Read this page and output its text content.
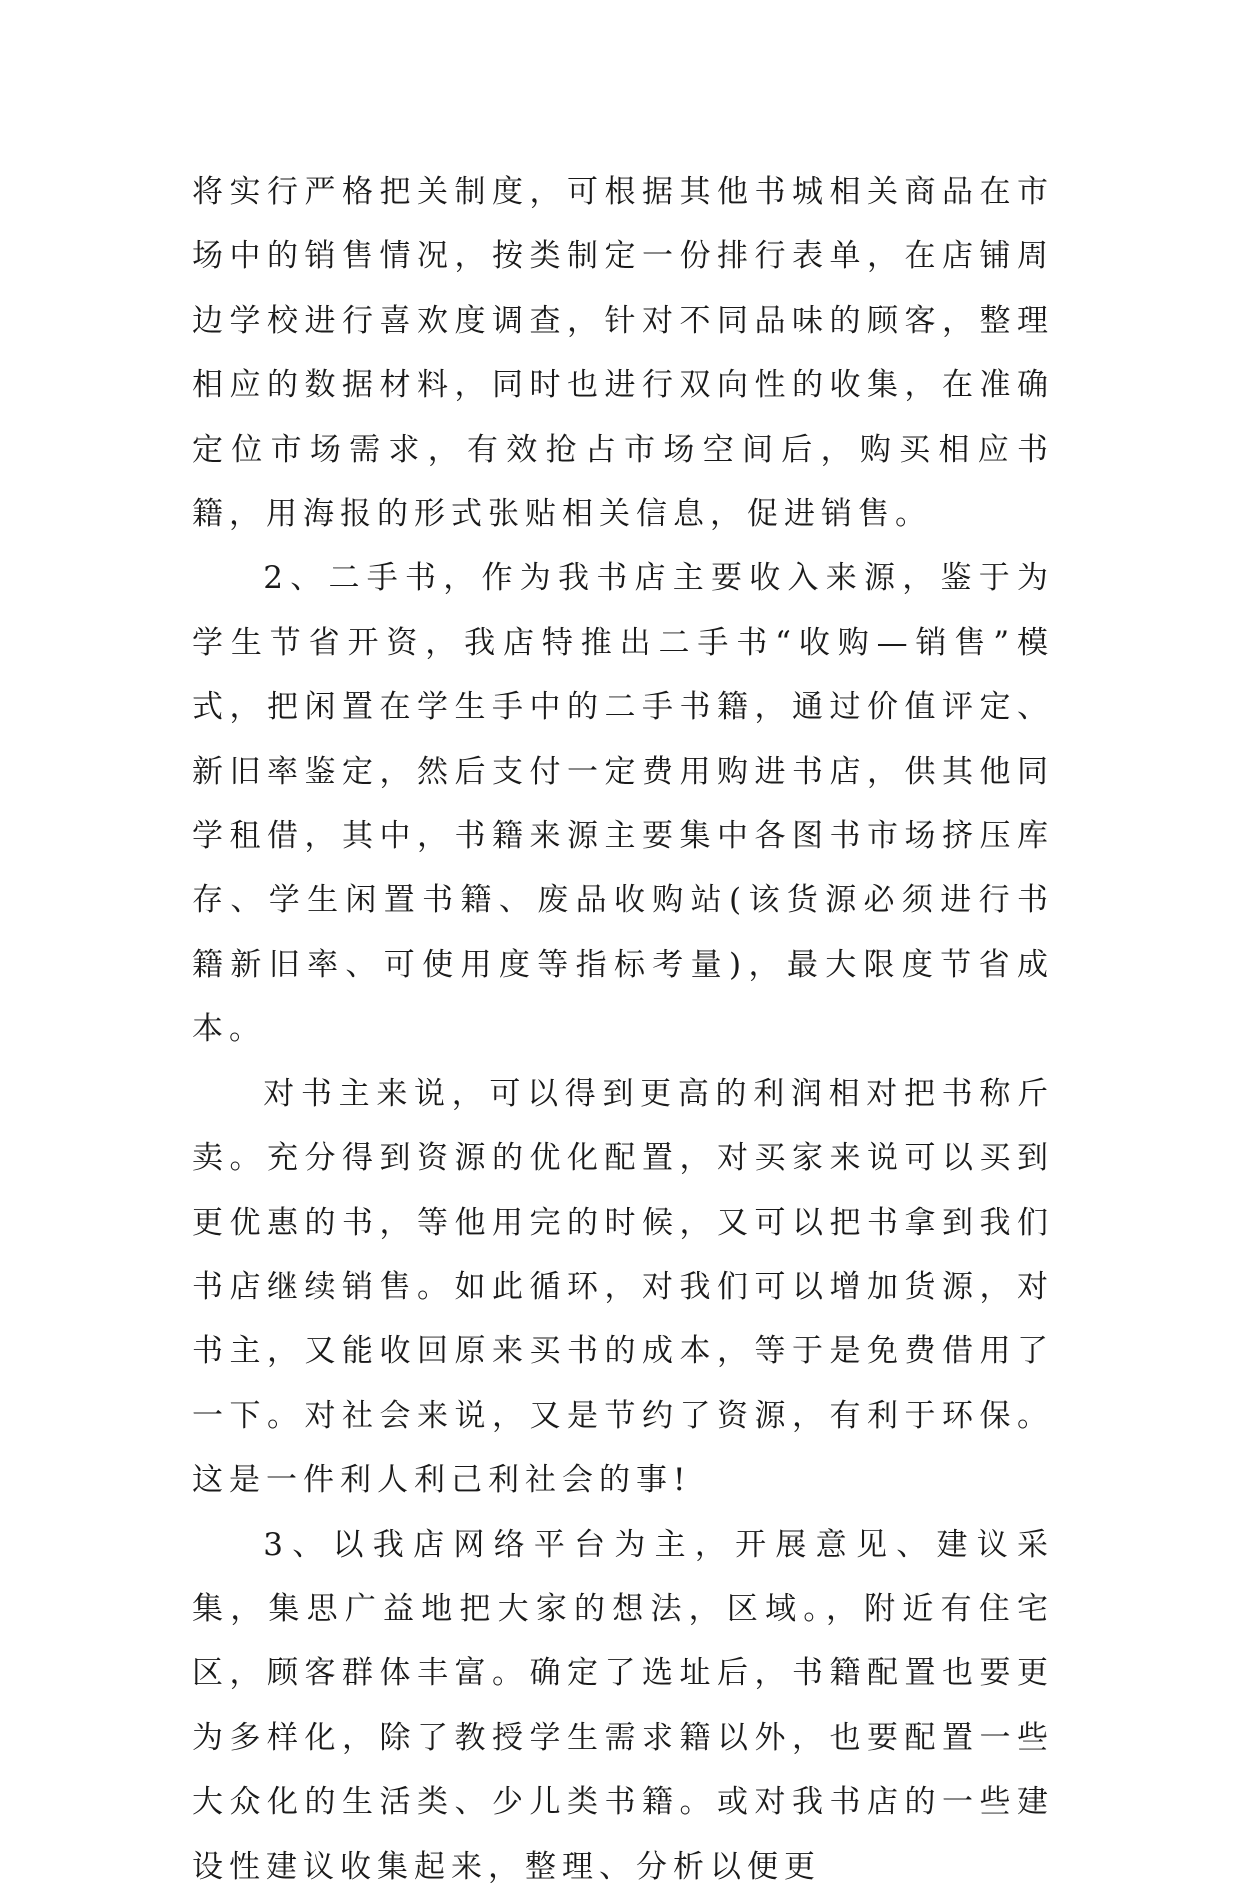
将实行严格把关制度，可根据其他书城相关商品在市场中的销售情况，按类制定一份排行表单，在店铺周边学校进行喜欢度调查，针对不同品味的顾客，整理相应的数据材料，同时也进行双向性的收集，在准确定位市场需求，有效抢占市场空间后，购买相应书籍，用海报的形式张贴相关信息，促进销售。

2、二手书，作为我书店主要收入来源，鉴于为学生节省开资，我店特推出二手书“收购—销售”模式，把闲置在学生手中的二手书籍，通过价值评定、新旧率鉴定，然后支付一定费用购进书店，供其他同学租借，其中，书籍来源主要集中各图书市场挤压库存、学生闲置书籍、废品收购站(该货源必须进行书籍新旧率、可使用度等指标考量)，最大限度节省成本。

对书主来说，可以得到更高的利润相对把书称斤卖。充分得到资源的优化配置，对买家来说可以买到更优惠的书，等他用完的时候，又可以把书拿到我们书店继续销售。如此循环，对我们可以增加货源，对书主，又能收回原来买书的成本，等于是免费借用了一下。对社会来说，又是节约了资源，有利于环保。这是一件利人利己利社会的事!

3、以我店网络平台为主，开展意见、建议采集，集思广益地把大家的想法，区域。，附近有住宅区，顾客群体丰富。确定了选址后，书籍配置也要更为多样化，除了教授学生需求籍以外，也要配置一些大众化的生活类、少儿类书籍。或对我书店的一些建设性建议收集起来，整理、分析以便更
